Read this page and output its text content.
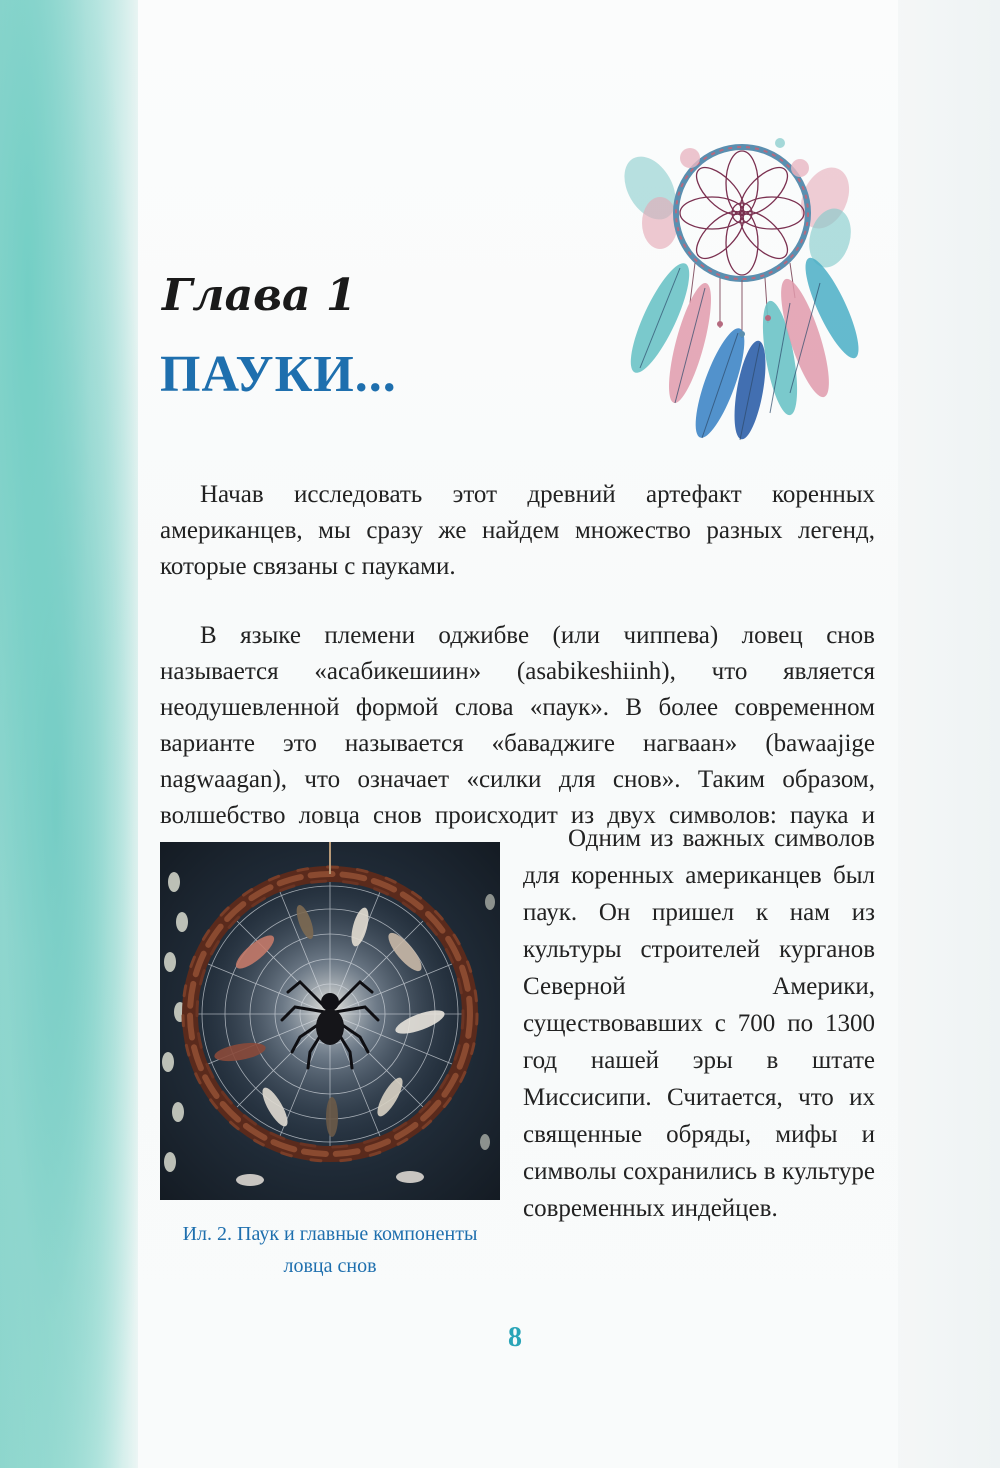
Глава 1
ПАУКИ...

Начав исследовать этот древний артефакт коренных американцев, мы сразу же найдем множество разных легенд, которые связаны с пауками.

В языке племени оджибве (или чиппева) ловец снов называется «асабикешиин» (asabikeshiinh), что является неодушевленной формой слова «паук». В более современном варианте это называется «баваджиге нагваан» (bawaajige nagwaagan), что означает «силки для снов». Таким образом, волшебство ловца снов происходит из двух символов: паука и

Одним из важных символов для коренных американцев был паук. Он пришел к нам из культуры строителей курганов Северной Америки, существовавших с 700 по 1300 год нашей эры в штате Миссисипи. Считается, что их священные обряды, мифы и символы сохранились в культуре современных индейцев.

Ил. 2. Паук и главные компоненты
ловца снов

8
